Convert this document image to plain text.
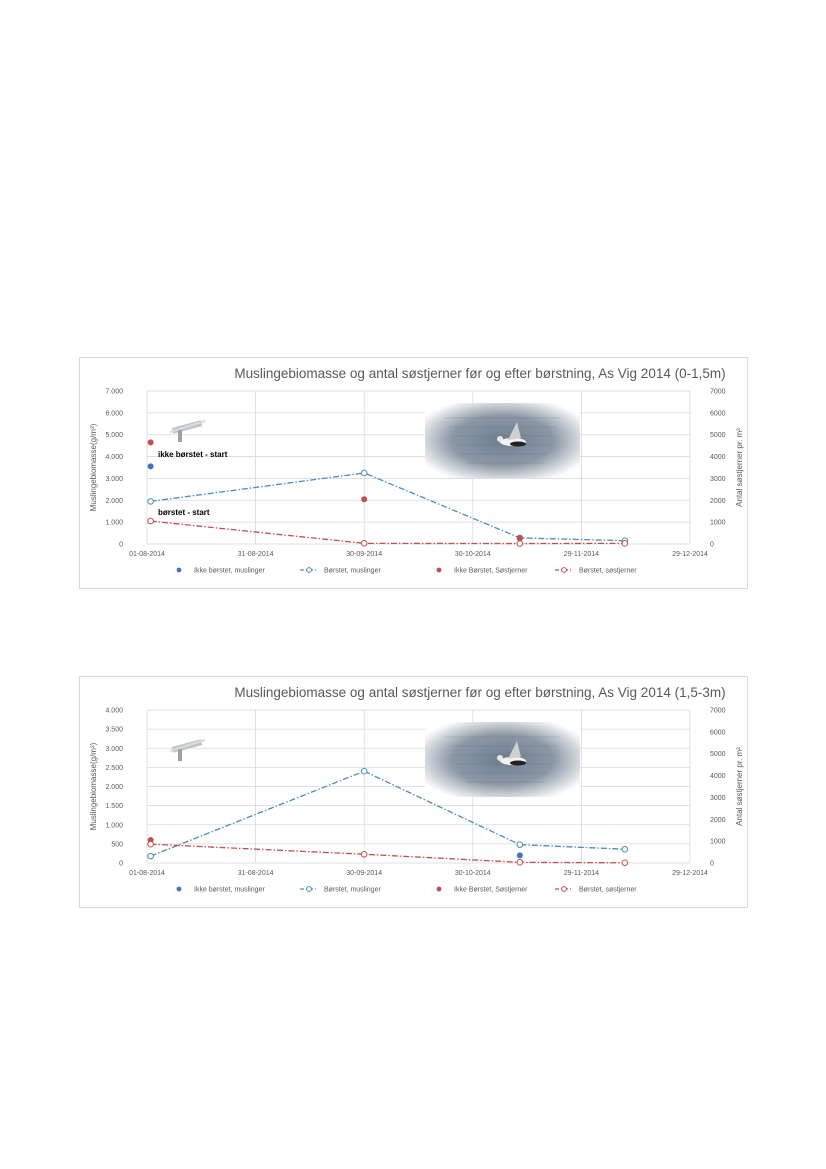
Muslingebiomasse og antal søstjerner før og efter børstning, As Vig 2014 (0-1,5m)
0
1.000
2.000
3.000
4.000
5.000
6.000
7.000
0
1000
2000
3000
4000
5000
6000
7000
01-08-2014	31-08-2014	30-09-2014	30-10-2014	29-11-2014	29-12-2014
Muslingebiomasse(g/m²)	Antal søstjerner pr. m²
ikke børstet - start
børstet - start
Ikke børstet, muslinger	Børstet, muslinger	Ikke Børstet, Søstjerner	Børstet, søstjerner
Muslingebiomasse og antal søstjerner før og efter børstning, As Vig 2014 (1,5-3m)
0
500
1.000
1.500
2.000
2.500
3.000
3.500
4.000
0
1000
2000
3000
4000
5000
6000
7000
01-08-2014	31-08-2014	30-09-2014	30-10-2014	29-11-2014	29-12-2014
Muslingebiomasse(g/m²)	Antal søstjerner pr. m²
Ikke børstet, muslinger	Børstet, muslinger	Ikke Børstet, Søstjerner	Børstet, søstjerner
